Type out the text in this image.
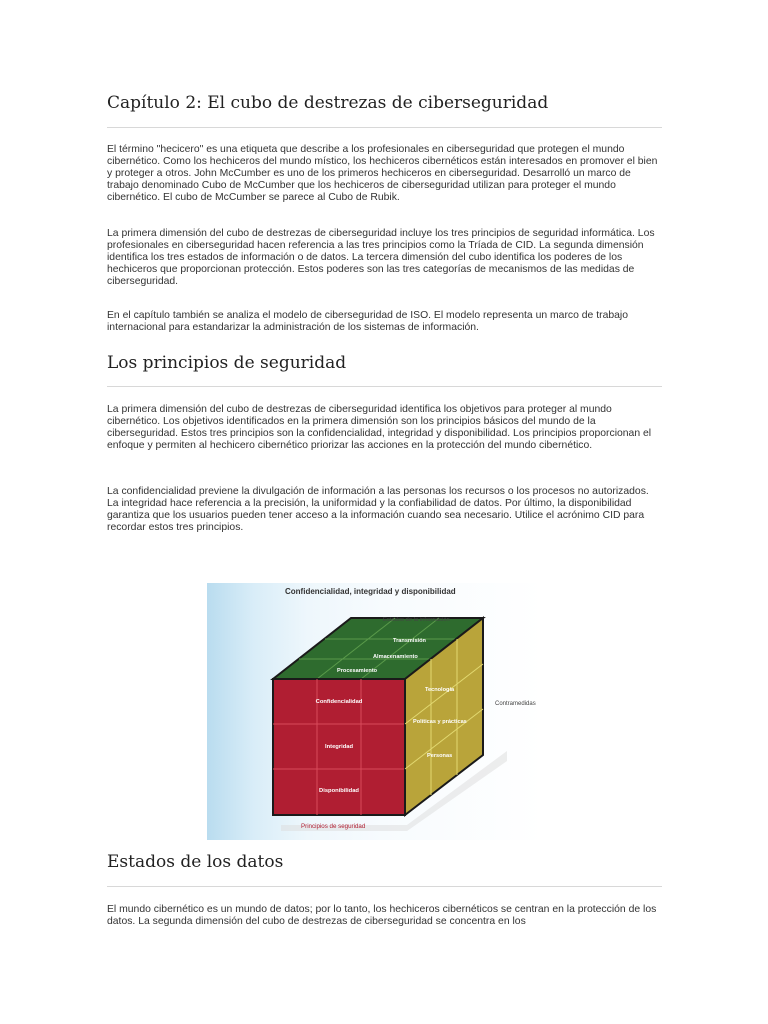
Capítulo 2: El cubo de destrezas de ciberseguridad

El término "hecicero" es una etiqueta que describe a los profesionales en ciberseguridad que protegen el mundo cibernético. Como los hechiceros del mundo místico, los hechiceros cibernéticos están interesados en promover el bien y proteger a otros. John McCumber es uno de los primeros hechiceros en ciberseguridad. Desarrolló un marco de trabajo denominado Cubo de McCumber que los hechiceros de ciberseguridad utilizan para proteger el mundo cibernético. El cubo de McCumber se parece al Cubo de Rubik.

La primera dimensión del cubo de destrezas de ciberseguridad incluye los tres principios de seguridad informática. Los profesionales en ciberseguridad hacen referencia a las tres principios como la Tríada de CID. La segunda dimensión identifica los tres estados de información o de datos. La tercera dimensión del cubo identifica los poderes de los hechiceros que proporcionan protección. Estos poderes son las tres categorías de mecanismos de las medidas de ciberseguridad.

En el capítulo también se analiza el modelo de ciberseguridad de ISO. El modelo representa un marco de trabajo internacional para estandarizar la administración de los sistemas de información.

Los principios de seguridad

La primera dimensión del cubo de destrezas de ciberseguridad identifica los objetivos para proteger al mundo cibernético. Los objetivos identificados en la primera dimensión son los principios básicos del mundo de la ciberseguridad. Estos tres principios son la confidencialidad, integridad y disponibilidad. Los principios proporcionan el enfoque y permiten al hechicero cibernético priorizar las acciones en la protección del mundo cibernético.

La confidencialidad previene la divulgación de información a las personas los recursos o los procesos no autorizados. La integridad hace referencia a la precisión, la uniformidad y la confiabilidad de datos. Por último, la disponibilidad garantiza que los usuarios pueden tener acceso a la información cuando sea necesario. Utilice el acrónimo CID para recordar estos tres principios.

Confidencialidad, integridad y disponibilidad
Estados de la información
Transmisión
Almacenamiento
Procesamiento
Confidencialidad
Integridad
Disponibilidad
Tecnología
Políticas y prácticas
Personas
Contramedidas
Principios de seguridad
Estados de los datos

El mundo cibernético es un mundo de datos; por lo tanto, los hechiceros cibernéticos se centran en la protección de los datos. La segunda dimensión del cubo de destrezas de ciberseguridad se concentra en los
